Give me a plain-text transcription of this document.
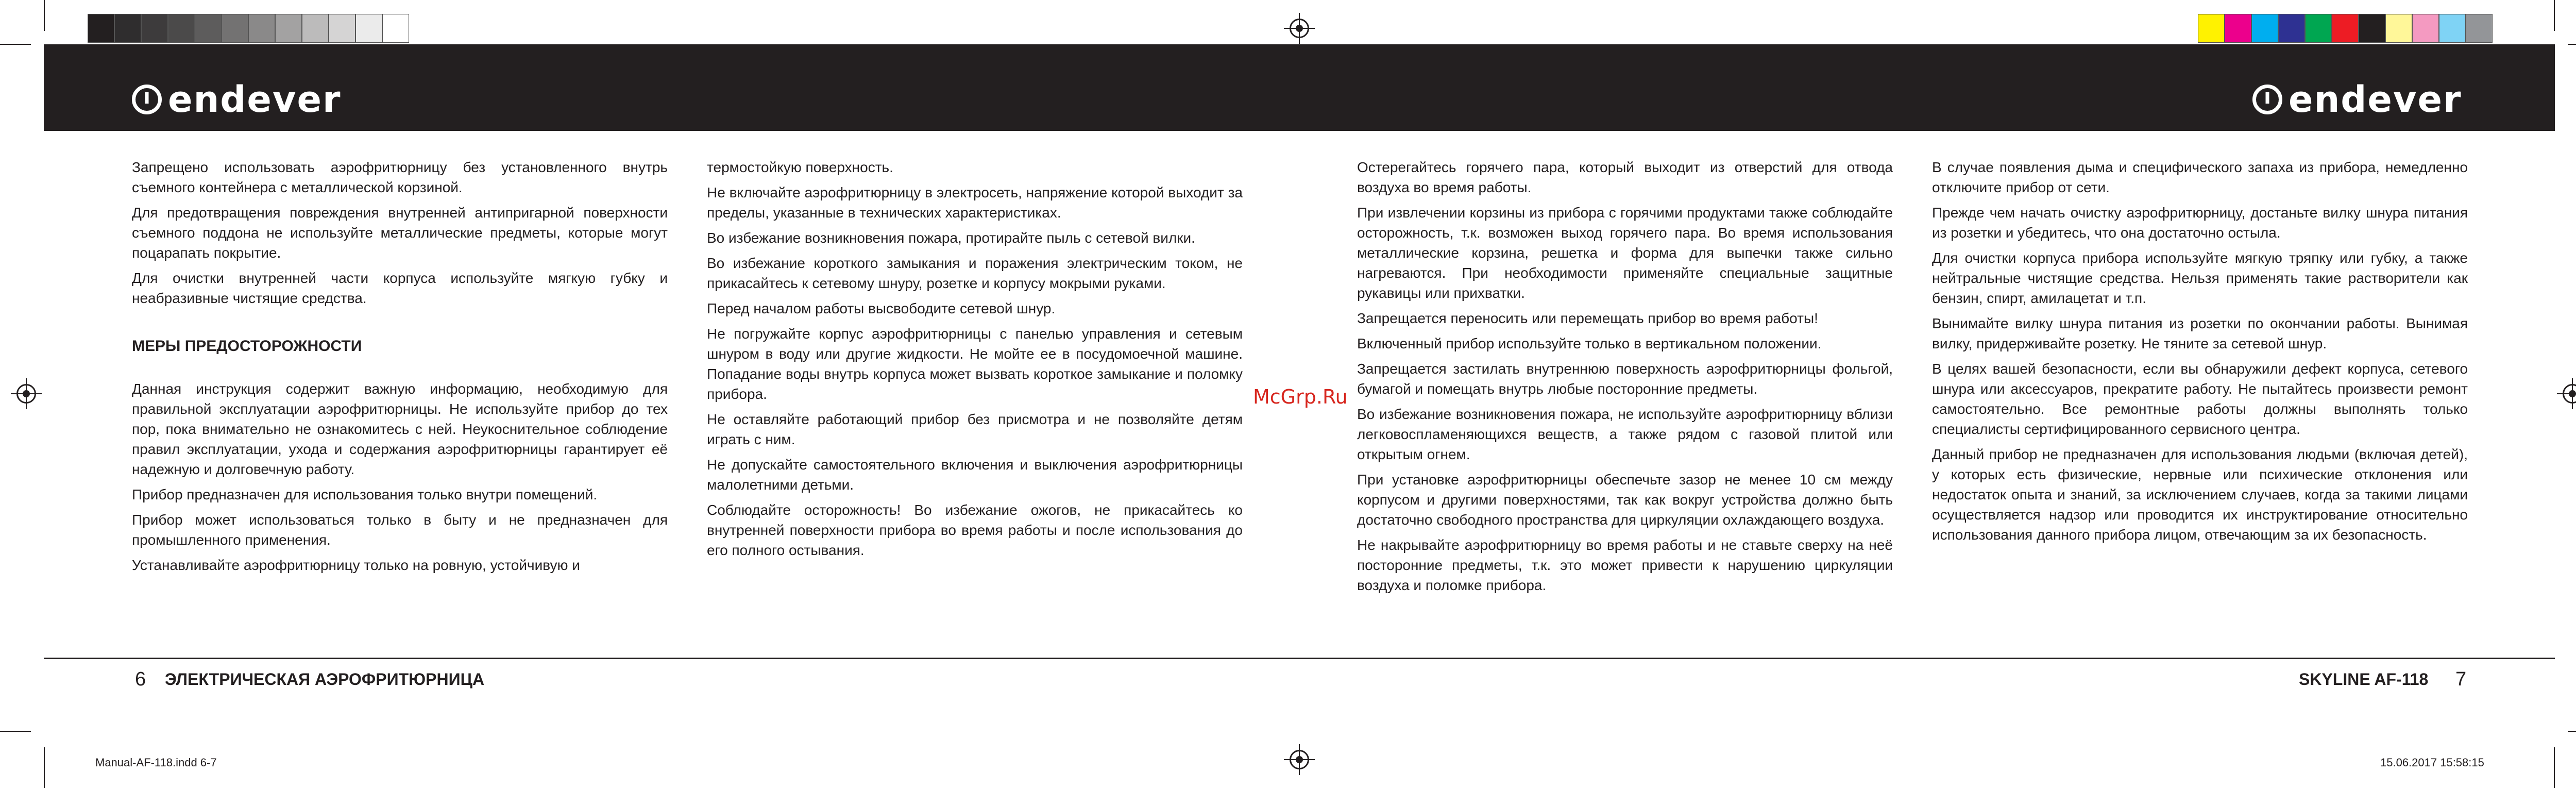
endever	endever

Запрещено использовать аэрофритюрницу без установленного внутрь съемного контейнера с металлической корзиной.

Для предотвращения повреждения внутренней антипригарной поверхности съемного поддона не используйте металлические предметы, которые могут поцарапать покрытие.

Для очистки внутренней части корпуса используйте мягкую губку и неабразивные чистящие средства.

МЕРЫ ПРЕДОСТОРОЖНОСТИ

Данная инструкция содержит важную информацию, необходимую для правильной эксплуатации аэрофритюрницы. Не используйте прибор до тех пор, пока внимательно не ознакомитесь с ней. Неукоснительное соблюдение правил эксплуатации, ухода и содержания аэрофритюрницы гарантирует её надежную и долговечную работу.

Прибор предназначен для использования только внутри помещений.

Прибор может использоваться только в быту и не предназначен для промышленного применения.

Устанавливайте аэрофритюрницу только на ровную, устойчивую и

термостойкую поверхность.

Не включайте аэрофритюрницу в электросеть, напряжение которой выходит за пределы, указанные в технических характеристиках.

Во избежание возникновения пожара, протирайте пыль с сетевой вилки.

Во избежание короткого замыкания и поражения электрическим током, не прикасайтесь к сетевому шнуру, розетке и корпусу мокрыми руками.

Перед началом работы высвободите сетевой шнур.

Не погружайте корпус аэрофритюрницы с панелью управления и сетевым шнуром в воду или другие жидкости. Не мойте ее в посудомоечной машине. Попадание воды внутрь корпуса может вызвать короткое замыкание и поломку прибора.

Не оставляйте работающий прибор без присмотра и не позволяйте детям играть с ним.

Не допускайте самостоятельного включения и выключения аэрофритюрницы малолетними детьми.

Соблюдайте осторожность! Во избежание ожогов, не прикасайтесь ко внутренней поверхности прибора во время работы и после использования до его полного остывания.

McGrp.Ru

Остерегайтесь горячего пара, который выходит из отверстий для отвода воздуха во время работы.

При извлечении корзины из прибора с горячими продуктами также соблюдайте осторожность, т.к. возможен выход горячего пара. Во время использования металлические корзина, решетка и форма для выпечки также сильно нагреваются. При необходимости применяйте специальные защитные рукавицы или прихватки.

Запрещается переносить или перемещать прибор во время работы!

Включенный прибор используйте только в вертикальном положении.

Запрещается застилать внутреннюю поверхность аэрофритюрницы фольгой, бумагой и помещать внутрь любые посторонние предметы.

Во избежание возникновения пожара, не используйте аэрофритюрницу вблизи легковоспламеняющихся веществ, а также рядом с газовой плитой или открытым огнем.

При установке аэрофритюрницы обеспечьте зазор не менее 10 см между корпусом и другими поверхностями, так как вокруг устройства должно быть достаточно свободного пространства для циркуляции охлаждающего воздуха.

Не накрывайте аэрофритюрницу во время работы и не ставьте сверху на неё посторонние предметы, т.к. это может привести к нарушению циркуляции воздуха и поломке прибора.

В случае появления дыма и специфического запаха из прибора, немедленно отключите прибор от сети.

Прежде чем начать очистку аэрофритюрницу, достаньте вилку шнура питания из розетки и убедитесь, что она достаточно остыла.

Для очистки корпуса прибора используйте мягкую тряпку или губку, а также нейтральные чистящие средства. Нельзя применять такие растворители как бензин, спирт, амилацетат и т.п.

Вынимайте вилку шнура питания из розетки по окончании работы. Вынимая вилку, придерживайте розетку. Не тяните за сетевой шнур.

В целях вашей безопасности, если вы обнаружили дефект корпуса, сетевого шнура или аксессуаров, прекратите работу. Не пытайтесь произвести ремонт самостоятельно. Все ремонтные работы должны выполнять только специалисты сертифицированного сервисного центра.

Данный прибор не предназначен для использования людьми (включая детей), у которых есть физические, нервные или психические отклонения или недостаток опыта и знаний, за исключением случаев, когда за такими лицами осуществляется надзор или проводится их инструктирование относительно использования данного прибора лицом, отвечающим за их безопасность.

6 ЭЛЕКТРИЧЕСКАЯ АЭРОФРИТЮРНИЦА	SKYLINE AF-118 7
Manual-AF-118.indd 6-7	15.06.2017 15:58:15
